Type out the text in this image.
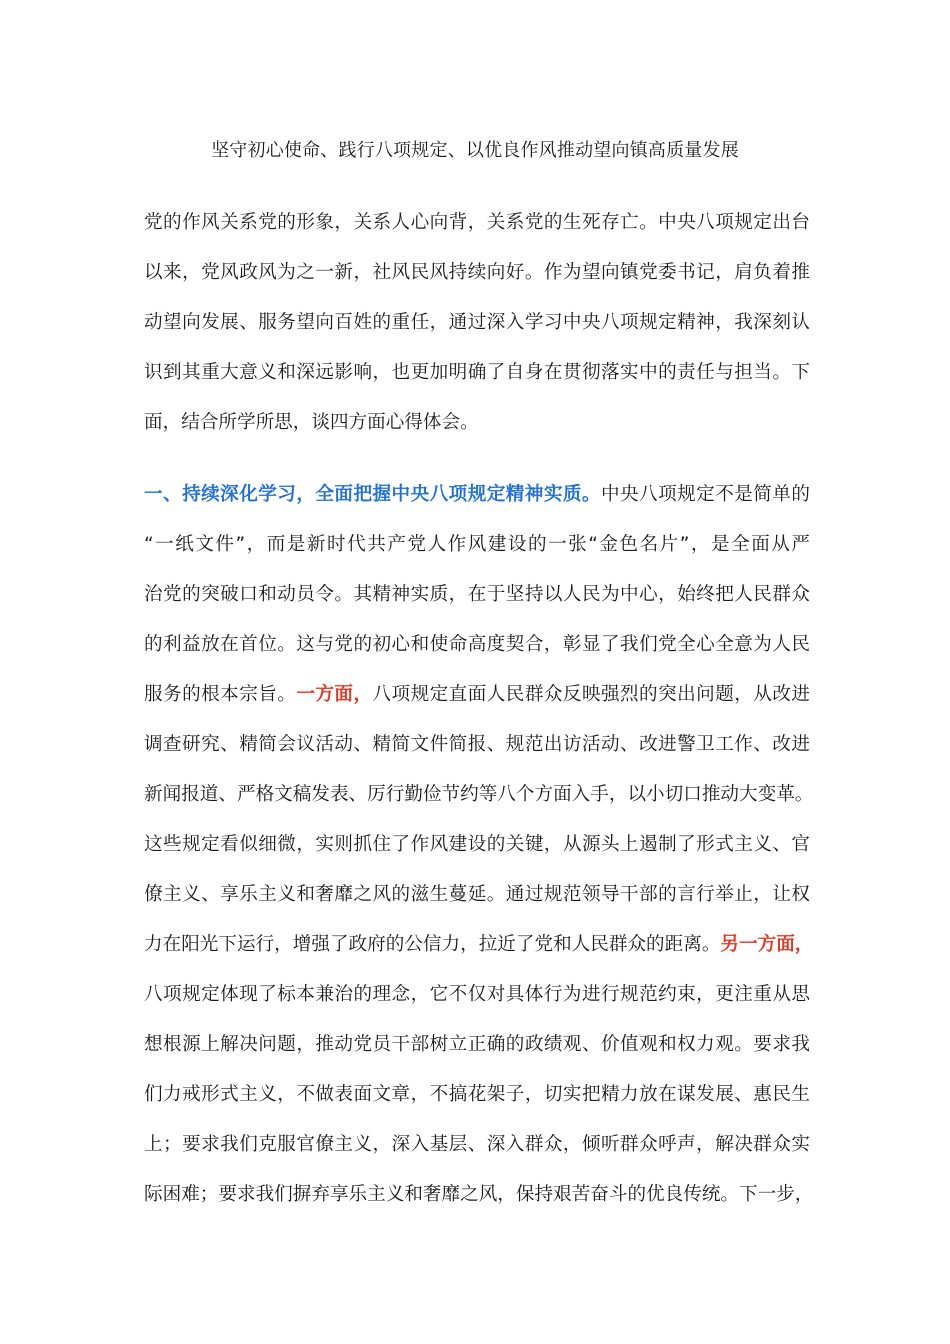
坚守初心使命、践行八项规定、以优良作风推动望向镇高质量发展
党的作风关系党的形象，关系人心向背，关系党的生死存亡。中央八项规定出台
以来，党风政风为之一新，社风民风持续向好。作为望向镇党委书记，肩负着推
动望向发展、服务望向百姓的重任，通过深入学习中央八项规定精神，我深刻认
识到其重大意义和深远影响，也更加明确了自身在贯彻落实中的责任与担当。下
面，结合所学所思，谈四方面心得体会。
一、持续深化学习，全面把握中央八项规定精神实质。中央八项规定不是简单的
“一纸文件”，而是新时代共产党人作风建设的一张“金色名片”，是全面从严
治党的突破口和动员令。其精神实质，在于坚持以人民为中心，始终把人民群众
的利益放在首位。这与党的初心和使命高度契合，彰显了我们党全心全意为人民
服务的根本宗旨。一方面，八项规定直面人民群众反映强烈的突出问题，从改进
调查研究、精简会议活动、精简文件简报、规范出访活动、改进警卫工作、改进
新闻报道、严格文稿发表、厉行勤俭节约等八个方面入手，以小切口推动大变革。
这些规定看似细微，实则抓住了作风建设的关键，从源头上遏制了形式主义、官
僚主义、享乐主义和奢靡之风的滋生蔓延。通过规范领导干部的言行举止，让权
力在阳光下运行，增强了政府的公信力，拉近了党和人民群众的距离。另一方面，
八项规定体现了标本兼治的理念，它不仅对具体行为进行规范约束，更注重从思
想根源上解决问题，推动党员干部树立正确的政绩观、价值观和权力观。要求我
们力戒形式主义，不做表面文章，不搞花架子，切实把精力放在谋发展、惠民生
上；要求我们克服官僚主义，深入基层、深入群众，倾听群众呼声，解决群众实
际困难；要求我们摒弃享乐主义和奢靡之风，保持艰苦奋斗的优良传统。下一步，
